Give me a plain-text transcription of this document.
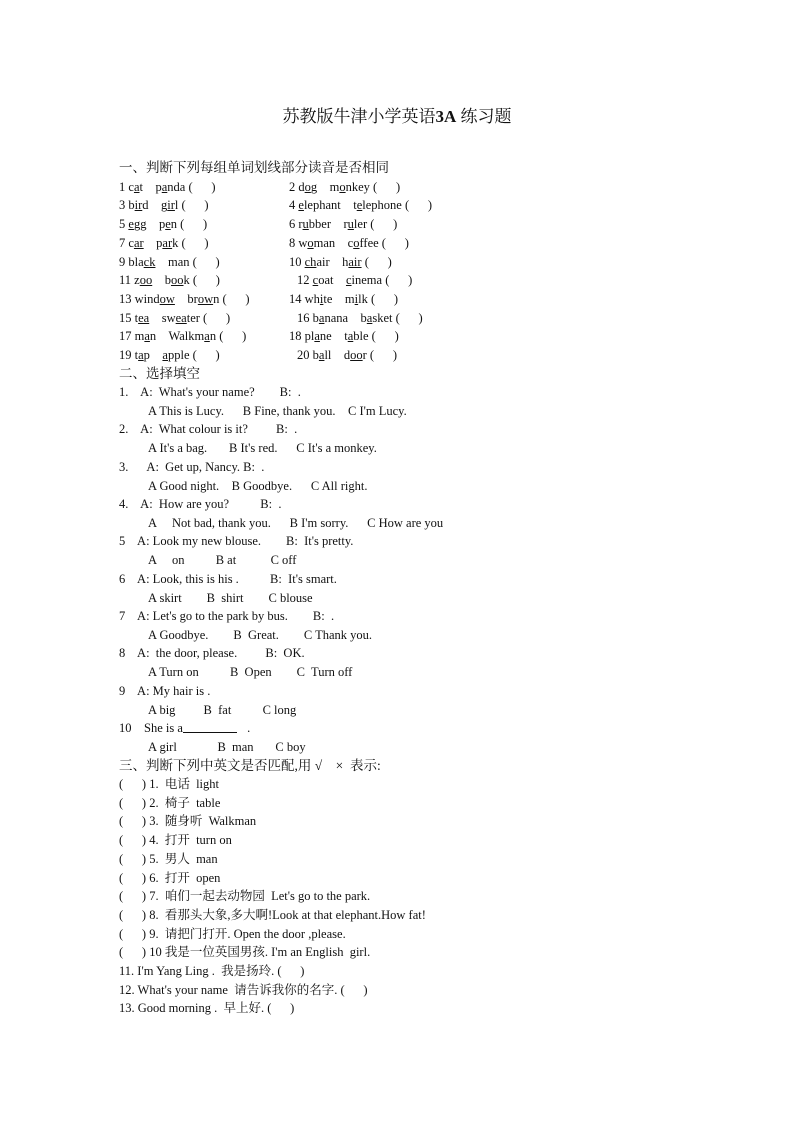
苏教版牛津小学英语3A 练习题
一、判断下列每组单词划线部分读音是否相同
1 cat    panda (      )	2 dog    monkey (      )
3 bird    girl (      )	4 elephant    telephone (      )
5 egg    pen (      )	6 rubber    ruler (      )
7 car    park (      )	8 woman    coffee (      )
9 black    man (      )	10 chair    hair (      )
11 zoo    book (      )	12 coat    cinema (      )
13 window    brown (      )	14 white    milk (      )
15 tea    sweater (      )	16 banana    basket (      )
17 man    Walkman (      )	18 plane    table (      )
19 tap    apple (      )	20 ball    door (      )
二、选择填空
1.    A:  What's your name?        B:  .
A This is Lucy.      B Fine, thank you.    C I'm Lucy.
2.    A:  What colour is it?         B:  .
A It's a bag.       B It's red.      C It's a monkey.
3.      A:  Get up, Nancy. B:  .
A Good night.    B Goodbye.      C All right.
4.    A:  How are you?          B:  .
A     Not bad, thank you.      B I'm sorry.      C How are you
5    A: Look my new blouse.        B:  It's pretty.
A     on          B at           C off
6    A: Look, this is his .          B:  It's smart.
A skirt        B  shirt        C blouse
7    A: Let's go to the park by bus.        B:  .
A Goodbye.        B  Great.        C Thank you.
8    A:  the door, please.         B:  OK.
A Turn on          B  Open        C  Turn off
9    A: My hair is .
A big         B  fat          C long
10    She is a	.
A girl             B  man       C boy
三、判断下列中英文是否匹配,用 √    ×  表示:
(      ) 1.  电话  light
(      ) 2.  椅子  table
(      ) 3.  随身听  Walkman
(      ) 4.  打开  turn on
(      ) 5.  男人  man
(      ) 6.  打开  open
(      ) 7.  咱们一起去动物园  Let's go to the park.
(      ) 8.  看那头大象,多大啊!Look at that elephant.How fat!
(      ) 9.  请把门打开. Open the door ,please.
(      ) 10 我是一位英国男孩. I'm an English  girl.
11. I'm Yang Ling .  我是扬玲. (      )
12. What's your name  请告诉我你的名字. (      )
13. Good morning .  早上好. (      )
